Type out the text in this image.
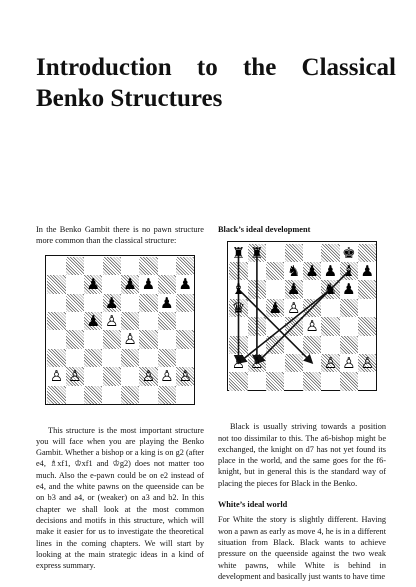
Introduction to the Classical Benko Structures

In the Benko Gambit there is no pawn structure more common than the classical structure:

♟ ♟ ♟ ♟
♟	♟
♟ ♙
♙
♙ ♙	♙ ♙ ♙

This structure is the most important structure you will face when you are playing the Benko Gambit. Whether a bishop or a king is on g2 (after e4, ♗xf1, ♔xf1 and ♔g2) does not matter too much. Also the e-pawn could be on e2 instead of e4, and the white pawns on the queenside can be on b3 and a4, or (weaker) on a3 and b2. In this chapter we shall look at the most common decisions and motifs in this structure, which will make it easier for us to investigate the theoretical lines in the coming chapters. We will start by looking at the main strategic ideas in a kind of express summary.

Black’s ideal development

♜ ♜	♚
♞ ♟ ♟ ♝ ♟
♝	♟ ♞ ♟
♛ ♟ ♙
♙
♙ ♙	♙ ♙ ♙

Black is usually striving towards a position not too dissimilar to this. The a6-bishop might be exchanged, the knight on d7 has not yet found its place in the world, and the same goes for the f6-knight, but in general this is the standard way of placing the pieces for Black in the Benko.

White’s ideal world

For White the story is slightly different. Having won a pawn as early as move 4, he is in a different situation from Black. Black wants to achieve pressure on the queenside against the two weak white pawns, while White is behind in development and basically just wants to have time
